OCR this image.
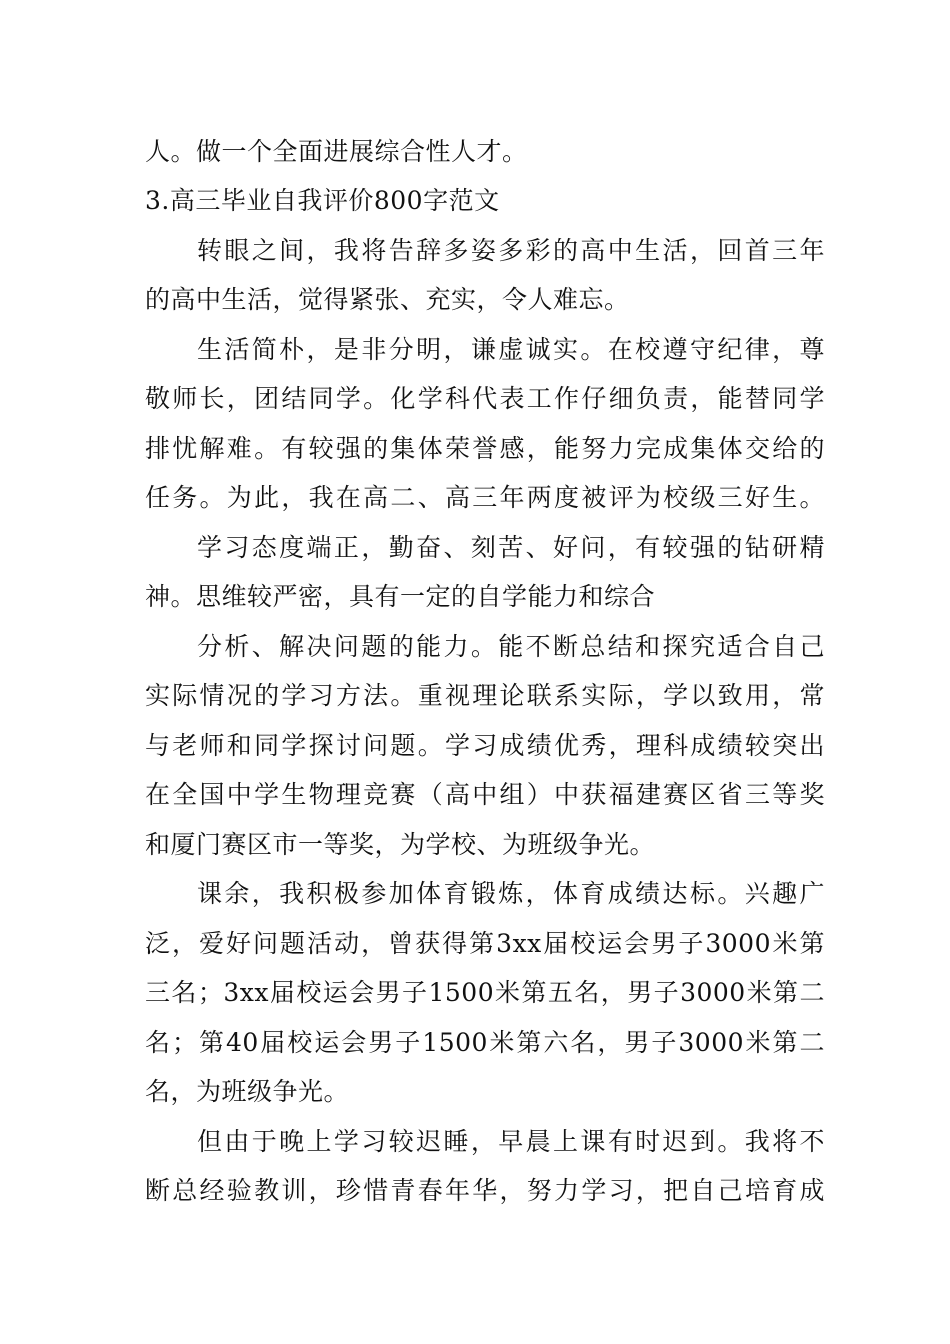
人。做一个全面进展综合性人才。
3.高三毕业自我评价800字范文
转眼之间，我将告辞多姿多彩的高中生活，回首三年
的高中生活，觉得紧张、充实，令人难忘。
生活简朴，是非分明，谦虚诚实。在校遵守纪律，尊
敬师长，团结同学。化学科代表工作仔细负责，能替同学
排忧解难。有较强的集体荣誉感，能努力完成集体交给的
任务。为此，我在高二、高三年两度被评为校级三好生。
学习态度端正，勤奋、刻苦、好问，有较强的钻研精
神。思维较严密，具有一定的自学能力和综合
分析、解决问题的能力。能不断总结和探究适合自己
实际情况的学习方法。重视理论联系实际，学以致用，常
与老师和同学探讨问题。学习成绩优秀，理科成绩较突出
在全国中学生物理竞赛（高中组）中获福建赛区省三等奖
和厦门赛区市一等奖，为学校、为班级争光。
课余，我积极参加体育锻炼，体育成绩达标。兴趣广
泛，爱好问题活动，曾获得第3xx届校运会男子3000米第
三名；3xx届校运会男子1500米第五名，男子3000米第二
名；第40届校运会男子1500米第六名，男子3000米第二
名，为班级争光。
但由于晚上学习较迟睡，早晨上课有时迟到。我将不
断总经验教训，珍惜青春年华，努力学习，把自己培育成
